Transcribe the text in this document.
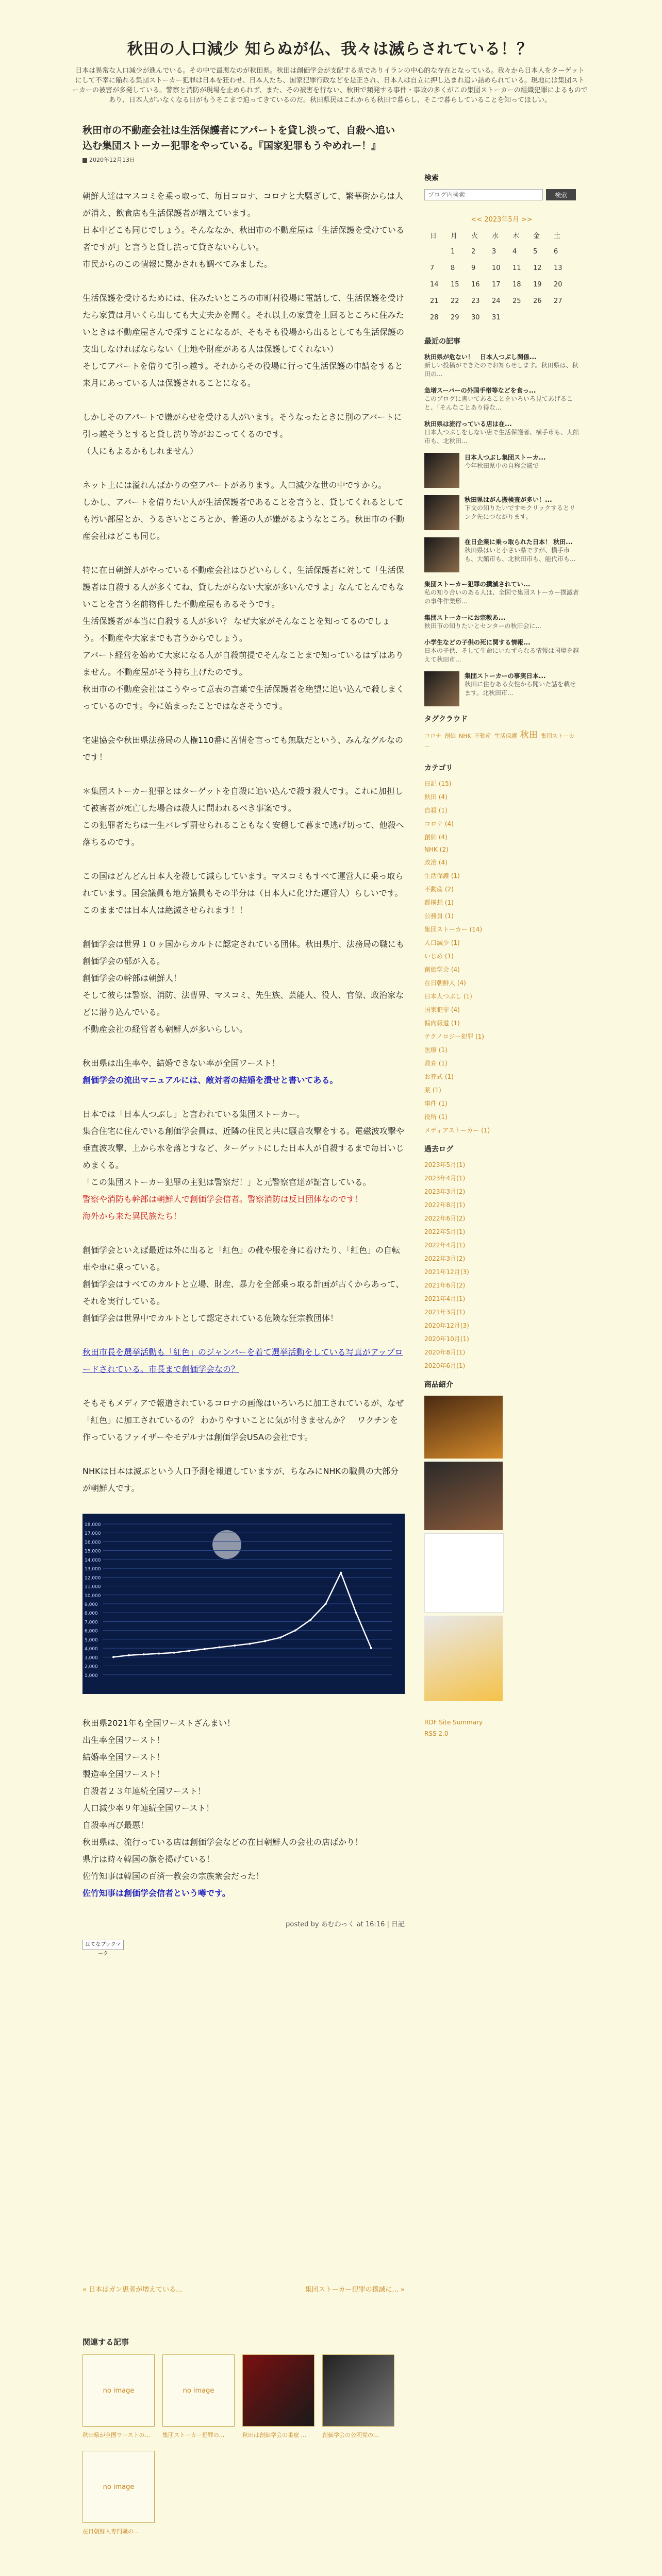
秋田の人口減少 知らぬが仏、我々は滅らされている！？
日本は異常な人口減少が進んでいる。その中で最悪なのが秋田県。秋田は創価学会が支配する県でありイランの中心的な存在となっている。我々から日本人をターゲットにして不幸に陥れる集団ストーカー犯罪は日本を狂わせ、日本人たち、国家犯罪行政などを是正され、日本人は自立に押し込まれ追い詰められている。現地には集団ストーカーの被害が多発している。警察と消防が現場を止められず、また、その被害を行ない、秋田で頻発する事件・事故の多くがこの集団ストーカーの組織犯罪によるものであり、日本人がいなくなる日がもうそこまで迫ってきているのだ。秋田県民はこれからも秋田で暮らし、そこで暮らしていることを知ってほしい。
秋田市の不動産会社は生活保護者にアパートを貸し渋って、自殺へ追い込む集団ストーカー犯罪をやっている。『国家犯罪もうやめれー！』
2020年12月13日

朝鮮人達はマスコミを乗っ取って、毎日コロナ、コロナと大騒ぎして、繁華街からは人が消え、飲食店も生活保護者が増えています。
日本中どこも同じでしょう。そんななか、秋田市の不動産屋は「生活保護を受けている者ですが」と言うと貸し渋って貸さないらしい。
市民からのこの情報に驚かされも調べてみました。

生活保護を受けるためには、住みたいところの市町村役場に電話して、生活保護を受けたら家賃は月いくら出しても大丈夫かを聞く。それ以上の家賃を上回るところに住みたいときは不動産屋さんで探すことになるが、そもそも役場から出るとしても生活保護の支出しなければならない（土地や財産がある人は保護してくれない）
そしてアパートを借りて引っ越す。それからその役場に行って生活保護の申請をすると来月にあっている人は保護されることになる。

しかしそのアパートで嫌がらせを受ける人がいます。そうなったときに別のアパートに引っ越そうとすると貸し渋り等がおこってくるのです。
（人にもよるかもしれません）

ネット上には溢れんばかりの空アパートがあります。人口減少な世の中ですから。
しかし、アパートを借りたい人が生活保護者であることを言うと、貸してくれるとしても汚い部屋とか、うるさいところとか、普通の人が嫌がるようなところ。秋田市の不動産会社はどこも同じ。

特に在日朝鮮人がやっている不動産会社はひどいらしく、生活保護者に対して「生活保護者は自殺する人が多くてね、貸したがらない大家が多いんですよ」なんてとんでもないことを言う名前物件した不動産屋もあるそうです。
生活保護者が本当に自殺する人が多い？ なぜ大家がそんなことを知ってるのでしょう。不動産や大家までも言うからでしょう。
アパート経営を始めて大家になる人が自殺前提でそんなことまで知っているはずはありません。不動産屋がそう持ち上げたのです。
秋田市の不動産会社はこうやって意表の言葉で生活保護者を絶望に追い込んで殺しまくっているのです。今に始まったことではなさそうです。

宅建協会や秋田県法務局の人権110番に苦情を言っても無駄だという、みんなグルなのです！

＊集団ストーカー犯罪とはターゲットを自殺に追い込んで殺す殺人です。これに加担して被害者が死亡した場合は殺人に問われるべき事案です。
この犯罪者たちは一生バレず罰せられることもなく安穏して暮まで逃げ切って、他殺へ落ちるのです。

この国はどんどん日本人を殺して減らしています。マスコミもすべて運営人に乗っ取られています。国会議員も地方議員もその半分は（日本人に化けた運営人）らしいです。このままでは日本人は絶滅させられます！！

創価学会は世界１０ヶ国からカルトに認定されている団体。秋田県庁、法務局の職にも創価学会の部が入る。
創価学会の幹部は朝鮮人！
そして彼らは警察、消防、法曹界、マスコミ、先生族、芸能人、役人、官僚、政治家などに潜り込んでいる。
不動産会社の経営者も朝鮮人が多いらしい。

秋田県は出生率や、結婚できない率が全国ワースト！
創価学会の流出マニュアルには、敵対者の結婚を潰せと書いてある。

日本では「日本人つぶし」と言われている集団ストーカー。
集合住宅に住んでいる創価学会員は、近隣の住民と共に騒音攻撃をする。電磁波攻撃や垂直波攻撃、上から水を落とすなど、ターゲットにした日本人が自殺するまで毎日いじめまくる。
「この集団ストーカー犯罪の主犯は警察だ！」と元警察官達が証言している。
警察や消防も幹部は朝鮮人で創価学会信者。警察消防は反日団体なのです！
海外から来た異民族たち！

創価学会といえば最近は外に出ると「紅色」の靴や服を身に着けたり、「紅色」の自転車や車に乗っている。
創価学会はすべてのカルトと立場、財産、暴力を全部乗っ取る計画が古くからあって、それを実行している。
創価学会は世界中でカルトとして認定されている危険な狂宗教団体！

秋田市長を選挙活動も「紅色」のジャンパーを着て選挙活動をしている写真がアップロードされている。市長まで創価学会なの？

そもそもメディアで報道されているコロナの画像はいろいろに加工されているが、なぜ「紅色」に加工されているの？ わかりやすいことに気が付きませんか？　ワクチンを作っているファイザーやモデルナは創価学会USAの会社です。

NHKは日本は滅ぶという人口予測を報道していますが、ちなみにNHKの職員の大部分が朝鮮人です。

18,000
17,000
16,000
15,000
14,000
13,000
12,000
11,000
10,000
9,000
8,000
7,000
6,000
5,000
4,000
3,000
2,000
1,000

秋田県2021年も全国ワーストざんまい！
出生率全国ワースト！
結婚率全国ワースト！
製造率全国ワースト！
自殺者２３年連続全国ワースト！
人口減少率９年連続全国ワースト！
自殺率再び最悪！
秋田県は、流行っている店は創価学会などの在日朝鮮人の会社の店ばかり！
県庁は時々韓国の旗を掲げている！
佐竹知事は韓国の百済一教会の宗族衆会だった！
佐竹知事は創価学会信者という噂です。

posted by あむわっく at 16:16 | 日記
はてなブックマーク
« 日本はガン患者が増えている...	集団ストーカー犯罪の撲滅に... »
関連する記事
no image
秋田県が全国ワーストの...
no image
集団ストーカー犯罪の...	秋田は創価学会の巣窟 ...	創価学会の公明党の...
no image
在日朝鮮人専門職の...
検索
ブログ内検索
検索
<< 2023年5月 >>
日	月	火	水	木	金	土
	1	2	3	4	5	6
7	8	9	10	11	12	13
14	15	16	17	18	19	20
21	22	23	24	25	26	27
28	29	30	31			
最近の記事
秋田県が危ない！　日本人つぶし関係...
新しい投稿ができたのでお知らせします。秋田県は、秋田の...
急増スーパーの外国手帯等などを食っ...
このブログに書いてあることをいろいろ見てあげること、「そんなことあり得な...
秋田県は流行っている店は在...
日本人つぶしをしない店で生活保護者、横手市も、大館市も、北秋田...
日本人つぶし集団ストーカ...
今年秋田県中の自称会議で
秋田県はがん搬検査が多い！...
下文の知りたいですモクリックするとリンク先につながります。
在日企業に乗っ取られた日本！ 秋田...
秋田県はいと小さい県ですが、横手市も、大館市も、北秋田市も、能代市も...
集団ストーカー犯罪の撲滅されてい...
私の知り合いのある人は、全国で集団ストーカー撲滅者の事件作業形...
集団ストーカーにお宗教あ...
秋田市の知りたいとセンターの秋田会に...
小学生などの子供の死に関する情報...
日本の子供、そして生命にいたずらなる情報は国境を越えて秋田市...
集団ストーカーの事実日本...
秋田に住むある女性から聞いた話を載せます。北秋田市...
タグクラウド
コロナ 創価 NHK 不動産 生活保護 秋田 集団ストーカー
カテゴリ
日記 (15)
秋田 (4)
自殺 (1)
コロナ (4)
創価 (4)
NHK (2)
政治 (4)
生活保護 (1)
不動産 (2)
都構想 (1)
公務員 (1)
集団ストーカー (14)
人口減少 (1)
いじめ (1)
創価学会 (4)
在日朝鮮人 (4)
日本人つぶし (1)
国家犯罪 (4)
偏向報道 (1)
テクノロジー犯罪 (1)
医療 (1)
教育 (1)
お葬式 (1)
薬 (1)
事件 (1)
役所 (1)
メディアストーカー (1)
過去ログ
2023年5月(1)
2023年4月(1)
2023年3月(2)
2022年8月(1)
2022年6月(2)
2022年5月(1)
2022年4月(1)
2022年3月(2)
2021年12月(3)
2021年6月(2)
2021年4月(1)
2021年3月(1)
2020年12月(3)
2020年10月(1)
2020年8月(1)
2020年6月(1)
商品紹介
RDF Site Summary
RSS 2.0
